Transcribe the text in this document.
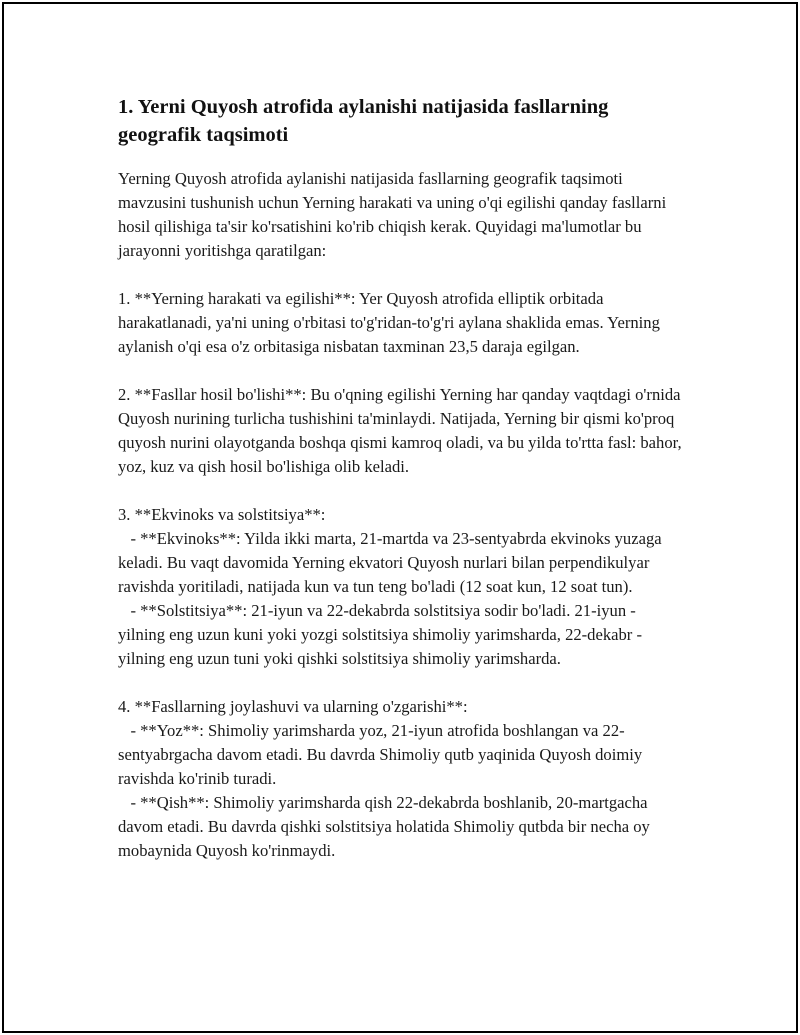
1. Yerni Quyosh atrofida aylanishi natijasida fasllarning geografik taqsimoti

Yerning Quyosh atrofida aylanishi natijasida fasllarning geografik taqsimoti mavzusini tushunish uchun Yerning harakati va uning o'qi egilishi qanday fasllarni hosil qilishiga ta'sir ko'rsatishini ko'rib chiqish kerak. Quyidagi ma'lumotlar bu jarayonni yoritishga qaratilgan:

1. **Yerning harakati va egilishi**: Yer Quyosh atrofida elliptik orbitada harakatlanadi, ya'ni uning o'rbitasi to'g'ridan-to'g'ri aylana shaklida emas. Yerning aylanish o'qi esa o'z orbitasiga nisbatan taxminan 23,5 daraja egilgan.

2. **Fasllar hosil bo'lishi**: Bu o'qning egilishi Yerning har qanday vaqtdagi o'rnida Quyosh nurining turlicha tushishini ta'minlaydi. Natijada, Yerning bir qismi ko'proq quyosh nurini olayotganda boshqa qismi kamroq oladi, va bu yilda to'rtta fasl: bahor, yoz, kuz va qish hosil bo'lishiga olib keladi.

3. **Ekvinoks va solstitsiya**:

- **Ekvinoks**: Yilda ikki marta, 21-martda va 23-sentyabrda ekvinoks yuzaga keladi. Bu vaqt davomida Yerning ekvatori Quyosh nurlari bilan perpendikulyar ravishda yoritiladi, natijada kun va tun teng bo'ladi (12 soat kun, 12 soat tun).

- **Solstitsiya**: 21-iyun va 22-dekabrda solstitsiya sodir bo'ladi. 21-iyun - yilning eng uzun kuni yoki yozgi solstitsiya shimoliy yarimsharda, 22-dekabr - yilning eng uzun tuni yoki qishki solstitsiya shimoliy yarimsharda.

4. **Fasllarning joylashuvi va ularning o'zgarishi**:

- **Yoz**: Shimoliy yarimsharda yoz, 21-iyun atrofida boshlangan va 22-sentyabrgacha davom etadi. Bu davrda Shimoliy qutb yaqinida Quyosh doimiy ravishda ko'rinib turadi.

- **Qish**: Shimoliy yarimsharda qish 22-dekabrda boshlanib, 20-martgacha davom etadi. Bu davrda qishki solstitsiya holatida Shimoliy qutbda bir necha oy mobaynida Quyosh ko'rinmaydi.
